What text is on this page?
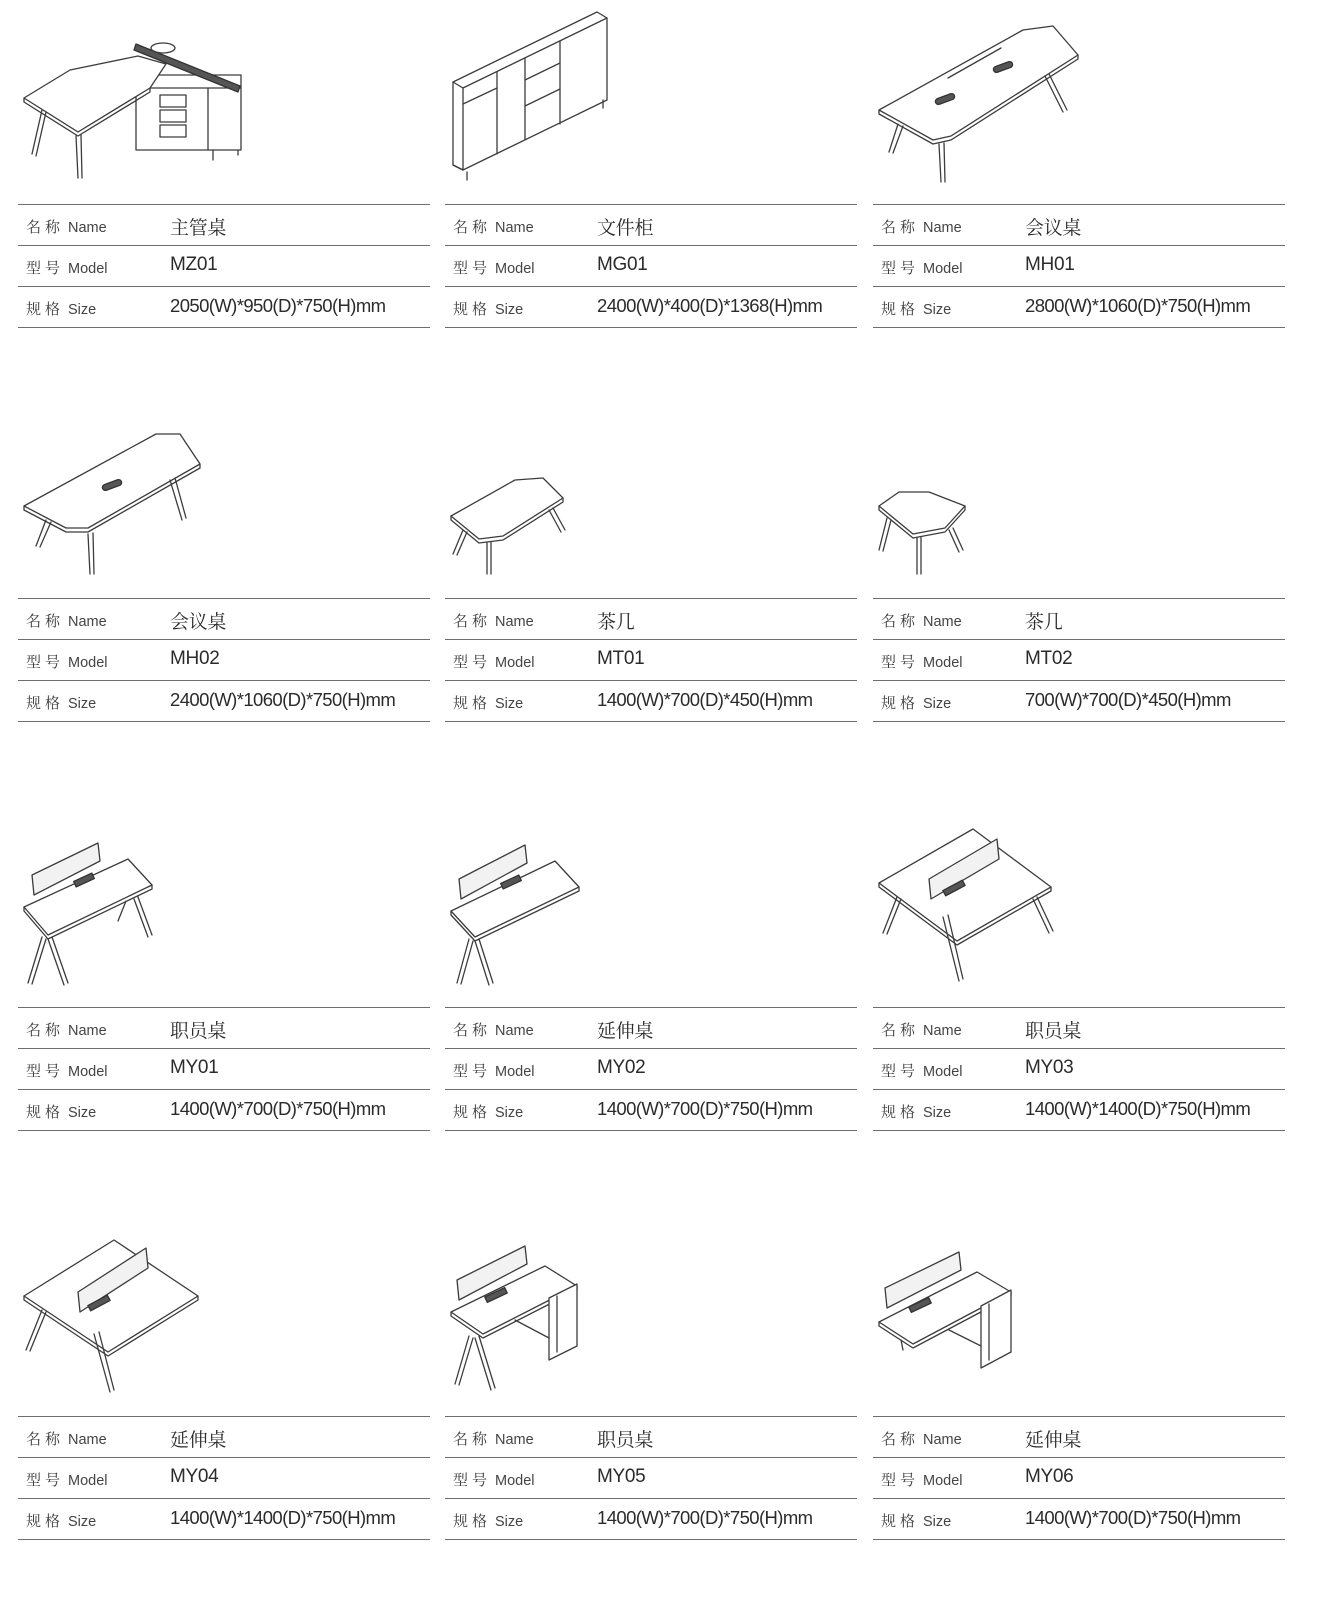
名称 Name	主管桌
型号 Model	MZ01
规格 Size	2050(W)*950(D)*750(H)mm
名称 Name	文件柜
型号 Model	MG01
规格 Size	2400(W)*400(D)*1368(H)mm
名称 Name	会议桌
型号 Model	MH01
规格 Size	2800(W)*1060(D)*750(H)mm
名称 Name	会议桌
型号 Model	MH02
规格 Size	2400(W)*1060(D)*750(H)mm
名称 Name	茶几
型号 Model	MT01
规格 Size	1400(W)*700(D)*450(H)mm
名称 Name	茶几
型号 Model	MT02
规格 Size	700(W)*700(D)*450(H)mm
名称 Name	职员桌
型号 Model	MY01
规格 Size	1400(W)*700(D)*750(H)mm
名称 Name	延伸桌
型号 Model	MY02
规格 Size	1400(W)*700(D)*750(H)mm
名称 Name	职员桌
型号 Model	MY03
规格 Size	1400(W)*1400(D)*750(H)mm
名称 Name	延伸桌
型号 Model	MY04
规格 Size	1400(W)*1400(D)*750(H)mm
名称 Name	职员桌
型号 Model	MY05
规格 Size	1400(W)*700(D)*750(H)mm
名称 Name	延伸桌
型号 Model	MY06
规格 Size	1400(W)*700(D)*750(H)mm
